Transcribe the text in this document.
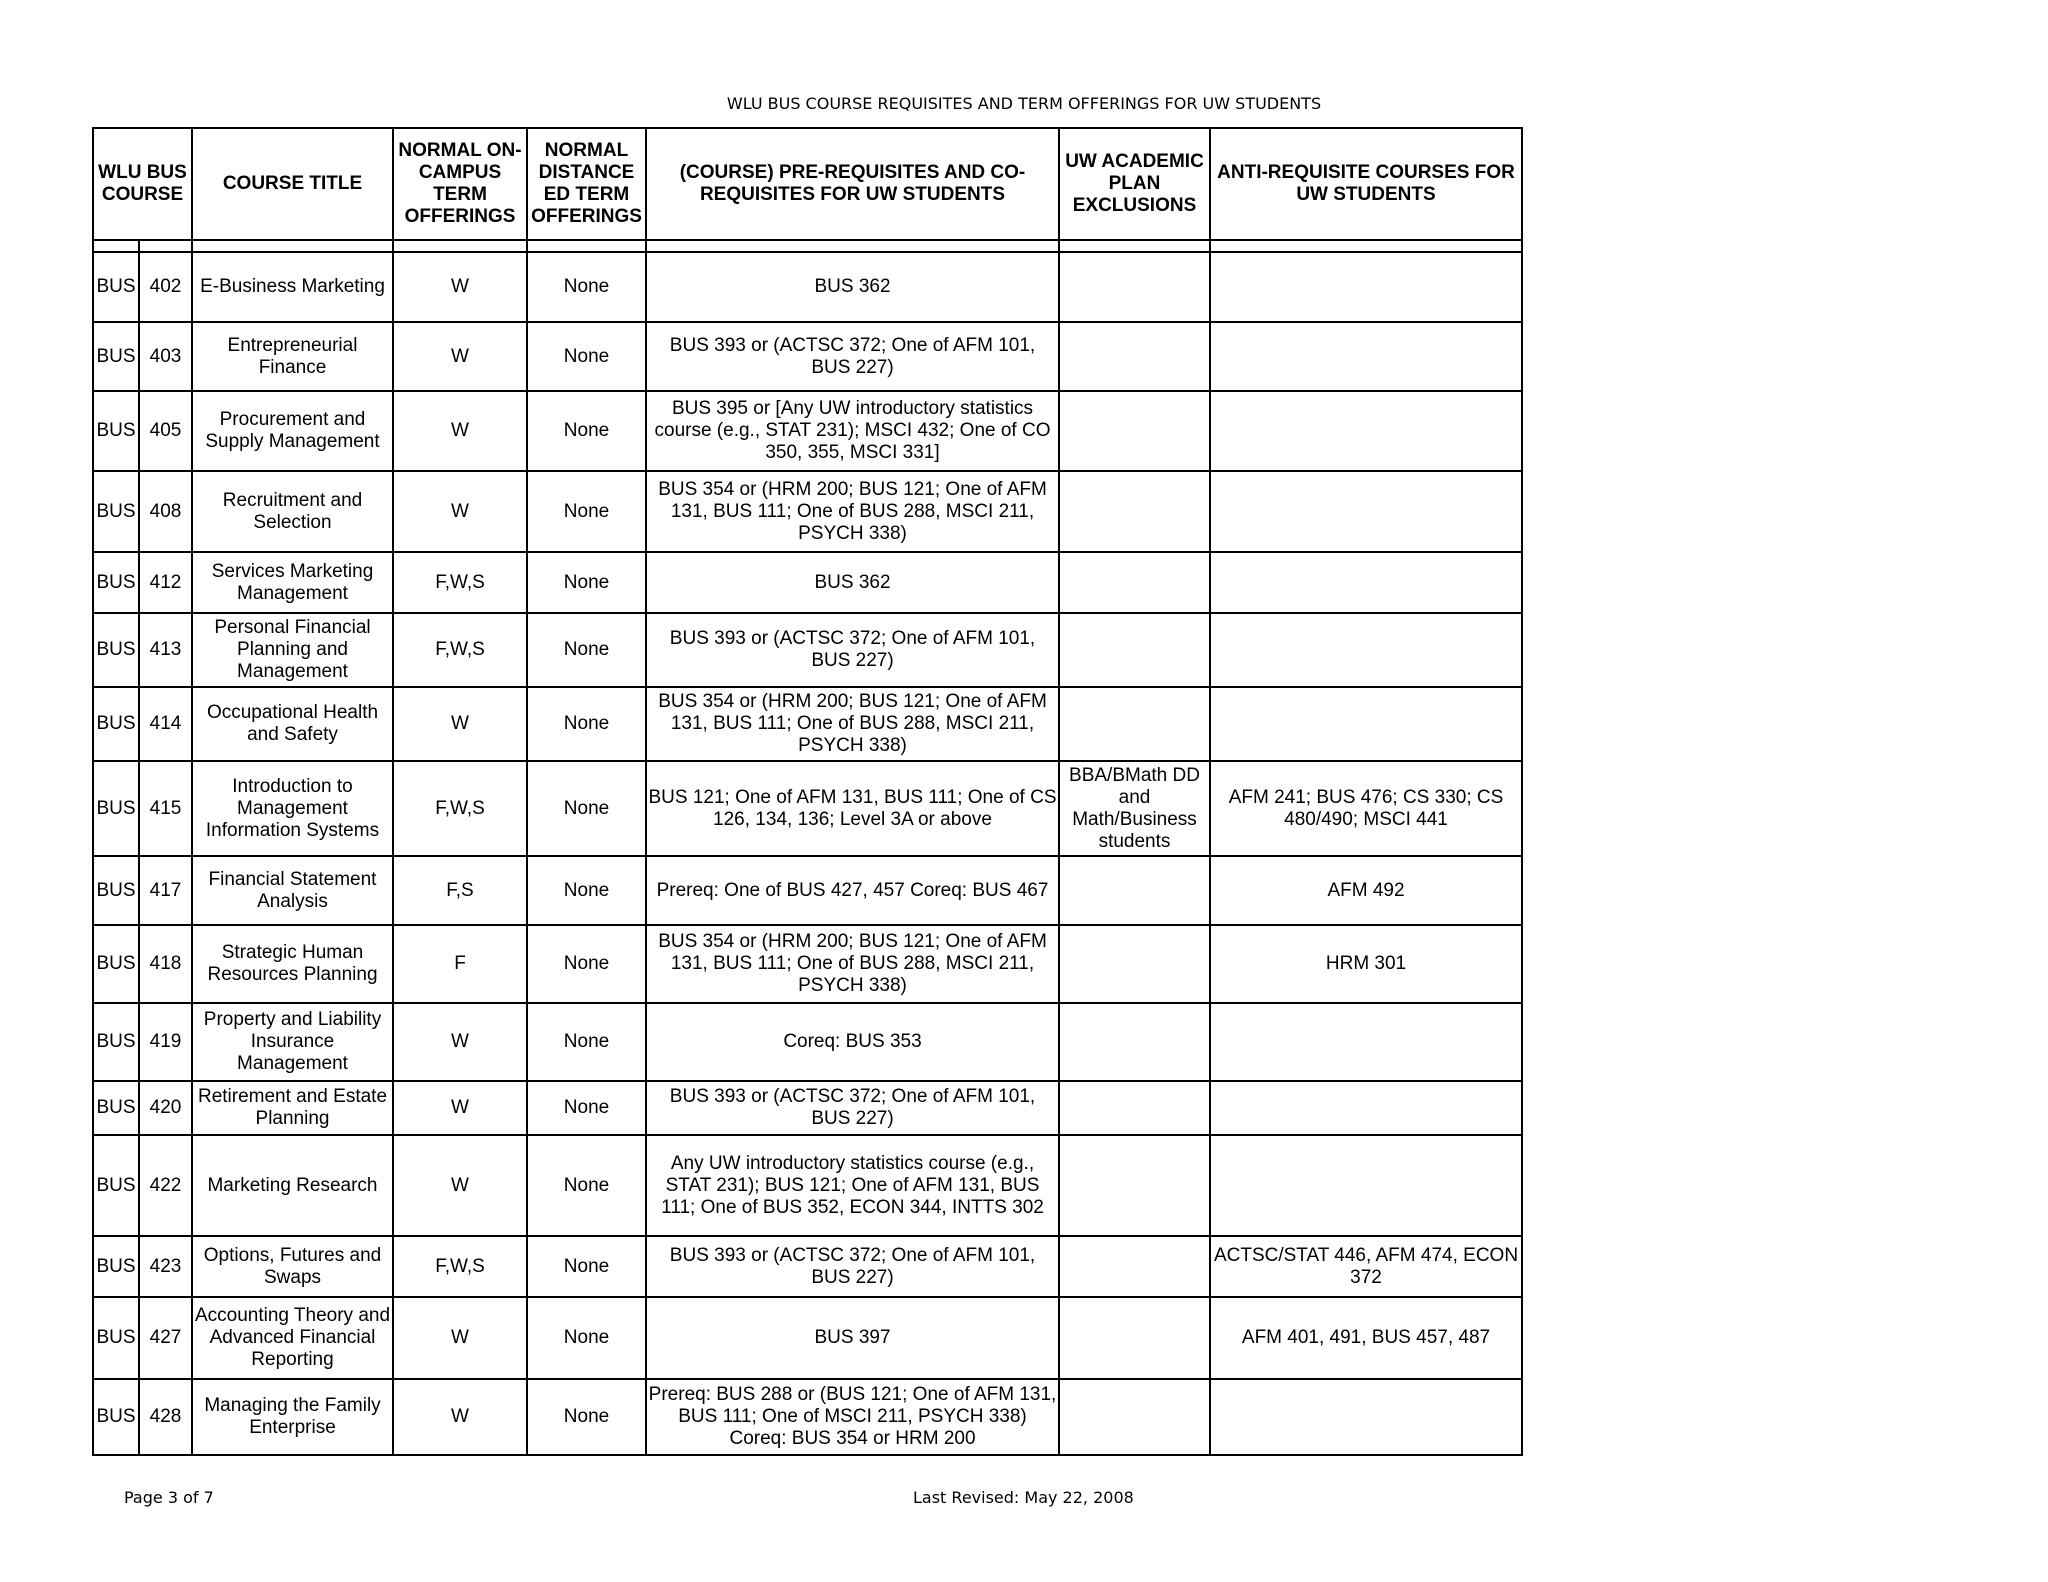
WLU BUS COURSE REQUISITES AND TERM OFFERINGS FOR UW STUDENTS
WLU BUS COURSE		COURSE TITLE	NORMAL ON-CAMPUS TERM OFFERINGS	NORMAL DISTANCE ED TERM OFFERINGS	(COURSE) PRE-REQUISITES AND CO-REQUISITES FOR UW STUDENTS	UW ACADEMIC PLAN EXCLUSIONS	ANTI-REQUISITE COURSES FOR UW STUDENTS

BUS	402	E-Business Marketing	W	None	BUS 362		
BUS	403	Entrepreneurial Finance	W	None	BUS 393 or (ACTSC 372; One of AFM 101, BUS 227)		
BUS	405	Procurement and Supply Management	W	None	BUS 395 or [Any UW introductory statistics course (e.g., STAT 231); MSCI 432; One of CO 350, 355, MSCI 331]		
BUS	408	Recruitment and Selection	W	None	BUS 354 or (HRM 200; BUS 121; One of AFM 131, BUS 111; One of BUS 288, MSCI 211, PSYCH 338)		
BUS	412	Services Marketing Management	F,W,S	None	BUS 362		
BUS	413	Personal Financial Planning and Management	F,W,S	None	BUS 393 or (ACTSC 372; One of AFM 101, BUS 227)		
BUS	414	Occupational Health and Safety	W	None	BUS 354 or (HRM 200; BUS 121; One of AFM 131, BUS 111; One of BUS 288, MSCI 211, PSYCH 338)		
BUS	415	Introduction to Management Information Systems	F,W,S	None	BUS 121; One of AFM 131, BUS 111; One of CS 126, 134, 136; Level 3A or above	BBA/BMath DD and Math/Business students	AFM 241; BUS 476; CS 330; CS 480/490; MSCI 441
BUS	417	Financial Statement Analysis	F,S	None	Prereq: One of BUS 427, 457 Coreq: BUS 467		AFM 492
BUS	418	Strategic Human Resources Planning	F	None	BUS 354 or (HRM 200; BUS 121; One of AFM 131, BUS 111; One of BUS 288, MSCI 211, PSYCH 338)		HRM 301
BUS	419	Property and Liability Insurance Management	W	None	Coreq: BUS 353		
BUS	420	Retirement and Estate Planning	W	None	BUS 393 or (ACTSC 372; One of AFM 101, BUS 227)		
BUS	422	Marketing Research	W	None	Any UW introductory statistics course (e.g., STAT 231); BUS 121; One of AFM 131, BUS 111; One of BUS 352, ECON 344, INTTS 302		
BUS	423	Options, Futures and Swaps	F,W,S	None	BUS 393 or (ACTSC 372; One of AFM 101, BUS 227)		ACTSC/STAT 446, AFM 474, ECON 372
BUS	427	Accounting Theory and Advanced Financial Reporting	W	None	BUS 397		AFM 401, 491, BUS 457, 487
BUS	428	Managing the Family Enterprise	W	None	Prereq: BUS 288 or (BUS 121; One of AFM 131, BUS 111; One of MSCI 211, PSYCH 338) Coreq: BUS 354 or HRM 200		
Page 3 of 7	Last Revised: May 22, 2008
